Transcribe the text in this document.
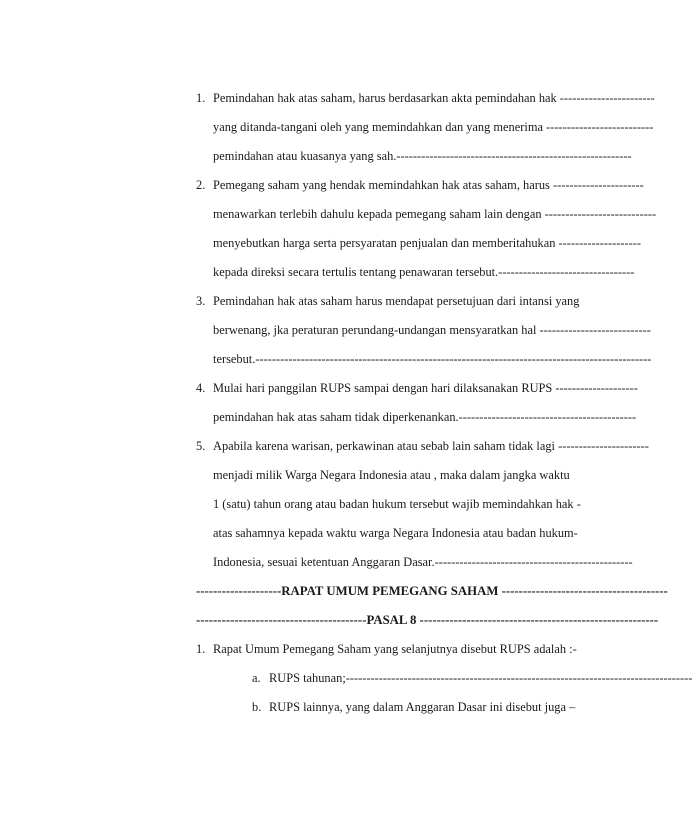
1. Pemindahan hak atas saham, harus berdasarkan akta pemindahan hak -----------------------
yang ditanda-tangani oleh yang memindahkan dan yang menerima --------------------------
pemindahan atau kuasanya yang sah.---------------------------------------------------------
2. Pemegang saham yang hendak memindahkan hak atas saham, harus ----------------------
menawarkan terlebih dahulu kepada pemegang saham lain dengan ---------------------------
menyebutkan harga serta persyaratan penjualan dan memberitahukan --------------------
kepada direksi secara tertulis tentang penawaran tersebut.---------------------------------
3. Pemindahan hak atas saham harus mendapat persetujuan dari intansi yang
berwenang, jka peraturan perundang-undangan mensyaratkan hal ---------------------------
tersebut.------------------------------------------------------------------------------------------------
4. Mulai hari panggilan RUPS sampai dengan hari dilaksanakan RUPS --------------------
pemindahan hak atas saham tidak diperkenankan.-------------------------------------------
5. Apabila karena warisan, perkawinan atau sebab lain saham tidak lagi ----------------------
menjadi milik Warga Negara Indonesia atau , maka dalam jangka waktu
1 (satu) tahun orang atau badan hukum tersebut wajib memindahkan hak -
atas sahamnya kepada waktu warga Negara Indonesia atau badan hukum-
Indonesia, sesuai ketentuan Anggaran Dasar.------------------------------------------------
--------------------RAPAT UMUM PEMEGANG SAHAM ---------------------------------------
----------------------------------------PASAL 8 --------------------------------------------------------
1. Rapat Umum Pemegang Saham yang selanjutnya disebut RUPS adalah :-
a. RUPS tahunan;------------------------------------------------------------------------------------
b. RUPS lainnya, yang dalam Anggaran Dasar ini disebut juga –
